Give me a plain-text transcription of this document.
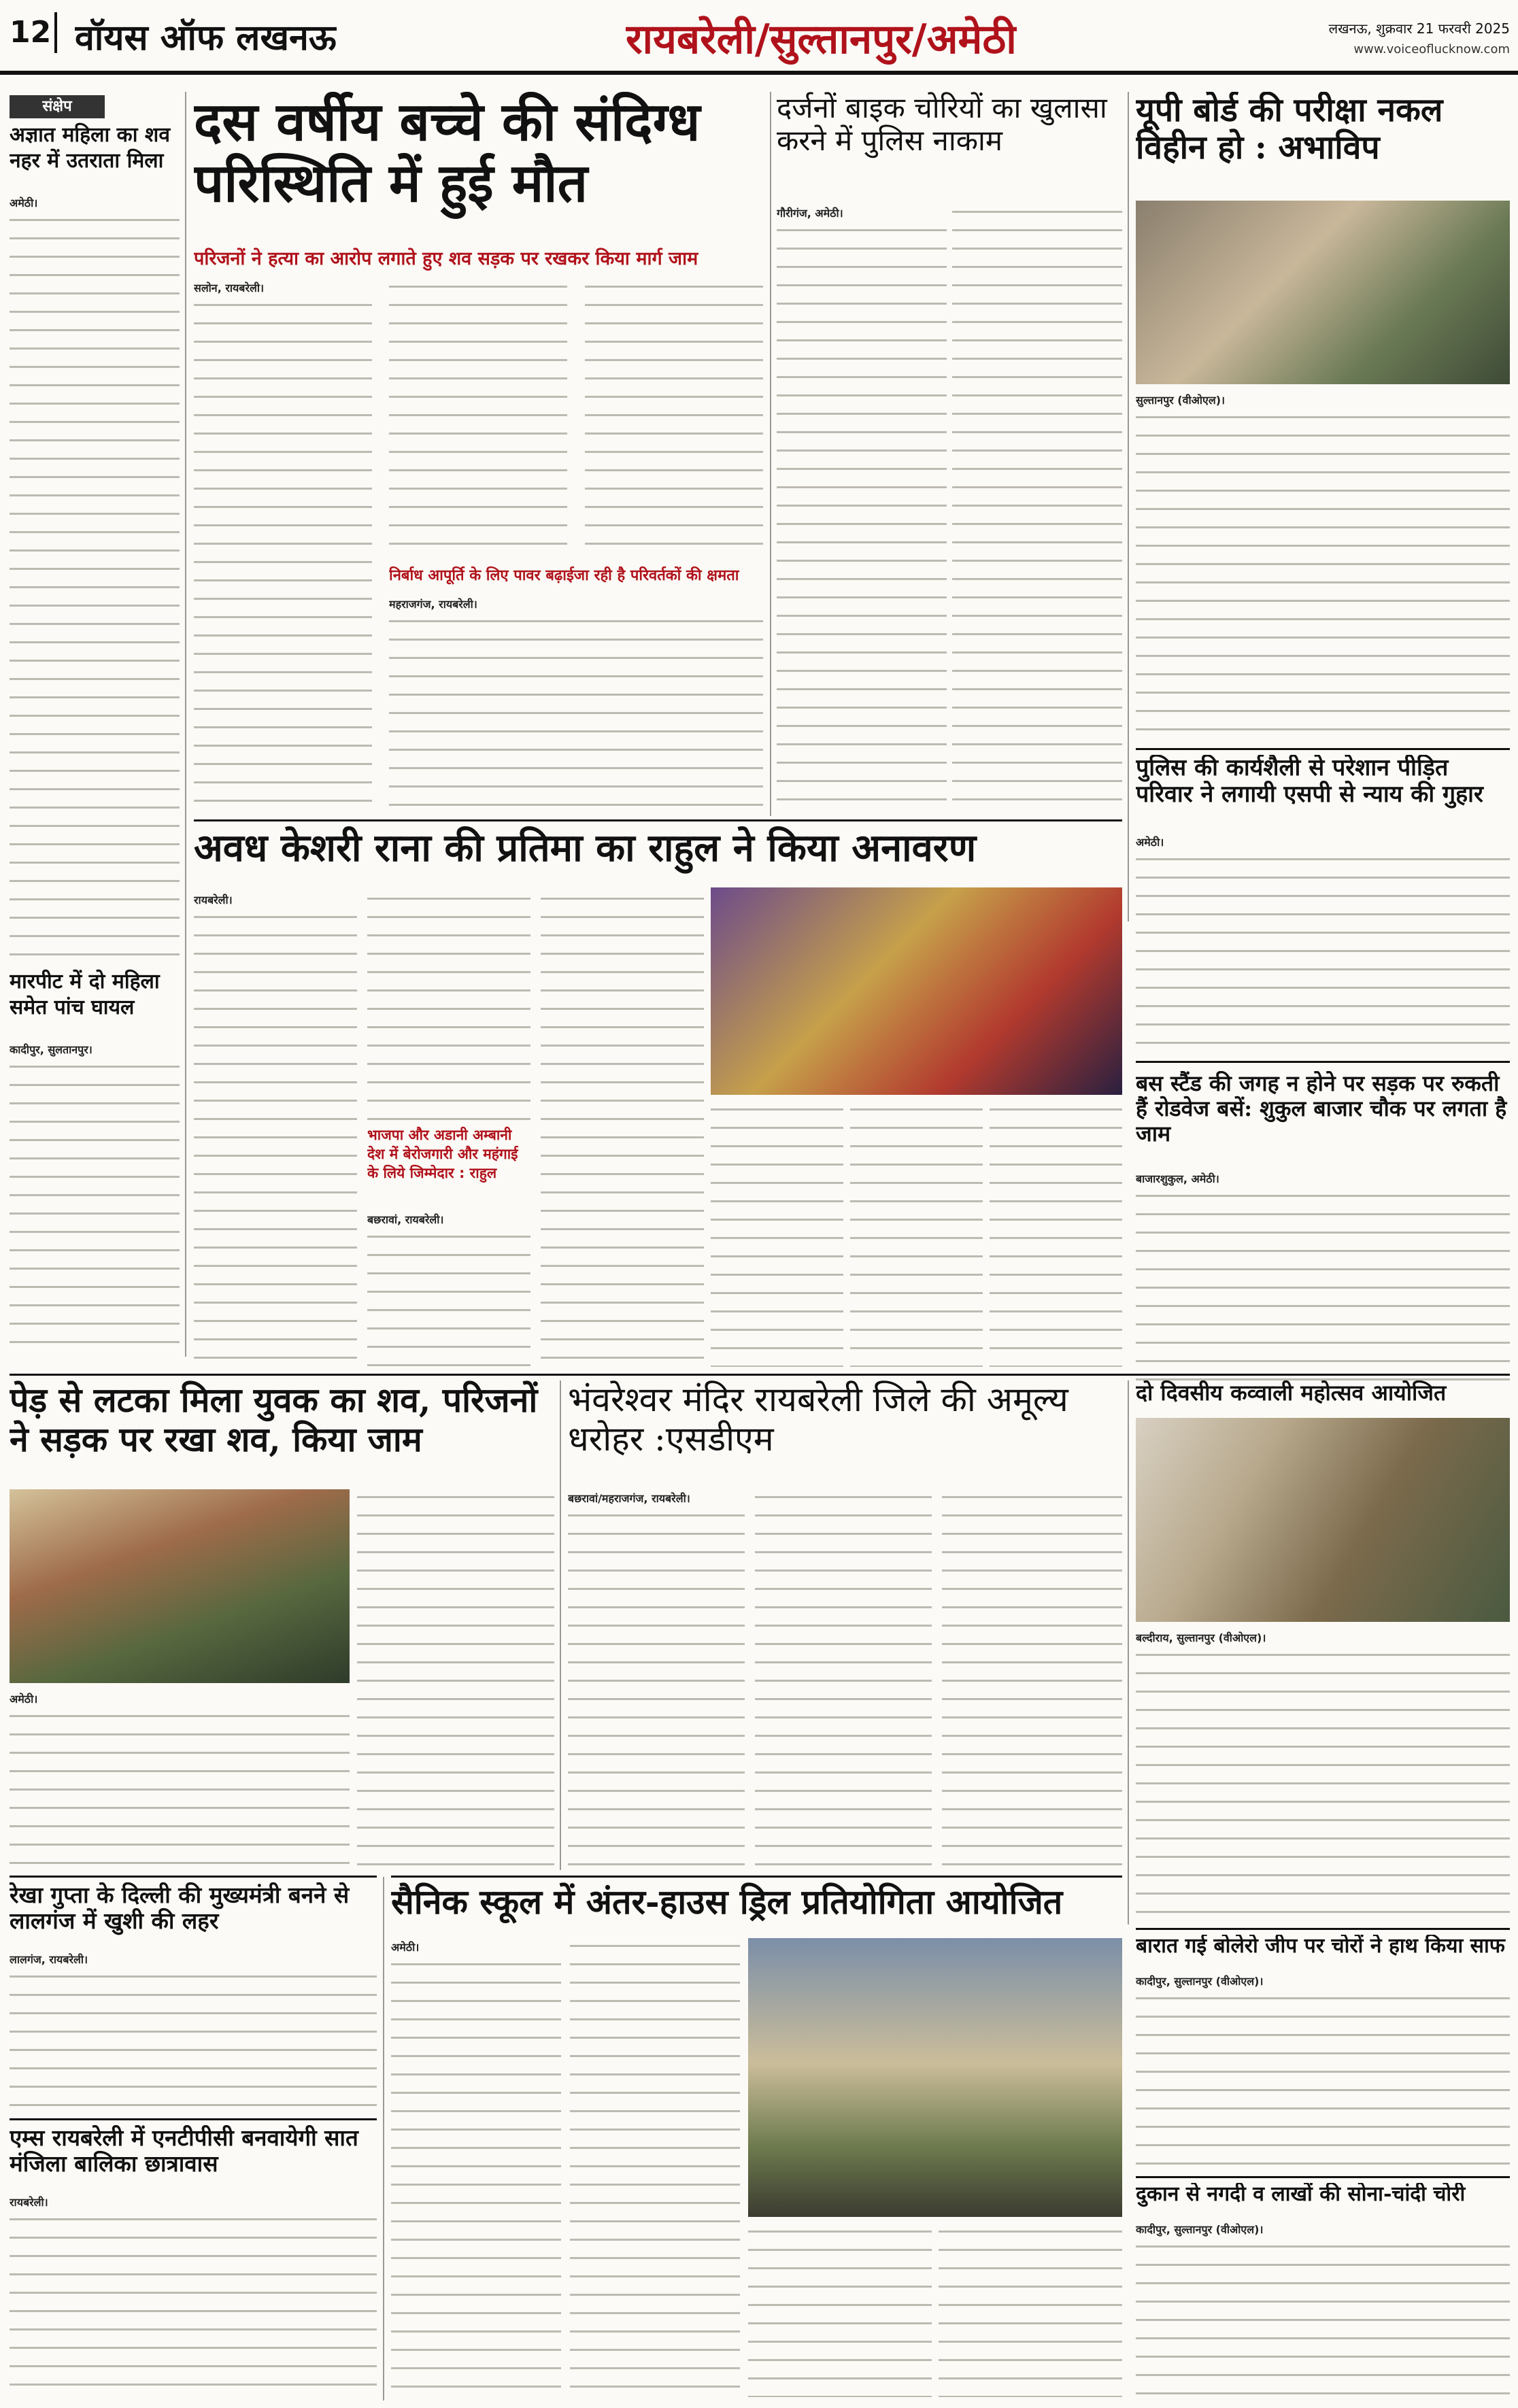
12 वॉयस ऑफ लखनऊ	रायबरेली/सुल्तानपुर/अमेठी	लखनऊ, शुक्रवार 21 फरवरी 2025
www.voiceoflucknow.com
संक्षेप
अज्ञात महिला का शव नहर में उतराता मिला
अमेठी।
मारपीट में दो महिला समेत पांच घायल
कादीपुर, सुलतानपुर।
दस वर्षीय बच्चे की संदिग्ध परिस्थिति में हुई मौत
परिजनों ने हत्या का आरोप लगाते हुए शव सड़क पर रखकर किया मार्ग जाम
सलोन, रायबरेली।
निर्बाध आपूर्ति के लिए पावर बढ़ाईजा रही है परिवर्तकों की क्षमता
महराजगंज, रायबरेली।
दर्जनों बाइक चोरियों का खुलासा करने में पुलिस नाकाम
गौरीगंज, अमेठी।
यूपी बोर्ड की परीक्षा नकल विहीन हो : अभाविप
सुल्तानपुर (वीओएल)।
पुलिस की कार्यशैली से परेशान पीड़ित परिवार ने लगायी एसपी से न्याय की गुहार
अमेठी।
बस स्टैंड की जगह न होने पर सड़क पर रुकती हैं रोडवेज बसें: शुकुल बाजार चौक पर लगता है जाम
बाजारशुकुल, अमेठी।
अवध केशरी राना की प्रतिमा का राहुल ने किया अनावरण
रायबरेली।
भाजपा और अडानी अम्बानी देश में बेरोजगारी और महंगाई के लिये जिम्मेदार : राहुल
बछरावां, रायबरेली।
पेड़ से लटका मिला युवक का शव, परिजनों ने सड़क पर रखा शव, किया जाम
अमेठी।
भंवरेश्वर मंदिर रायबरेली जिले की अमूल्य धरोहर :एसडीएम
बछरावां/महराजगंज, रायबरेली।
दो दिवसीय कव्वाली महोत्सव आयोजित
बल्दीराय, सुल्तानपुर (वीओएल)।
रेखा गुप्ता के दिल्ली की मुख्यमंत्री बनने से लालगंज में खुशी की लहर
लालगंज, रायबरेली।
एम्स रायबरेली में एनटीपीसी बनवायेगी सात मंजिला बालिका छात्रावास
रायबरेली।
सैनिक स्कूल में अंतर-हाउस ड्रिल प्रतियोगिता आयोजित
अमेठी।	बारात गई बोलेरो जीप पर चोरों ने हाथ किया साफ
कादीपुर, सुल्तानपुर (वीओएल)।
दुकान से नगदी व लाखों की सोना-चांदी चोरी
कादीपुर, सुल्तानपुर (वीओएल)।
